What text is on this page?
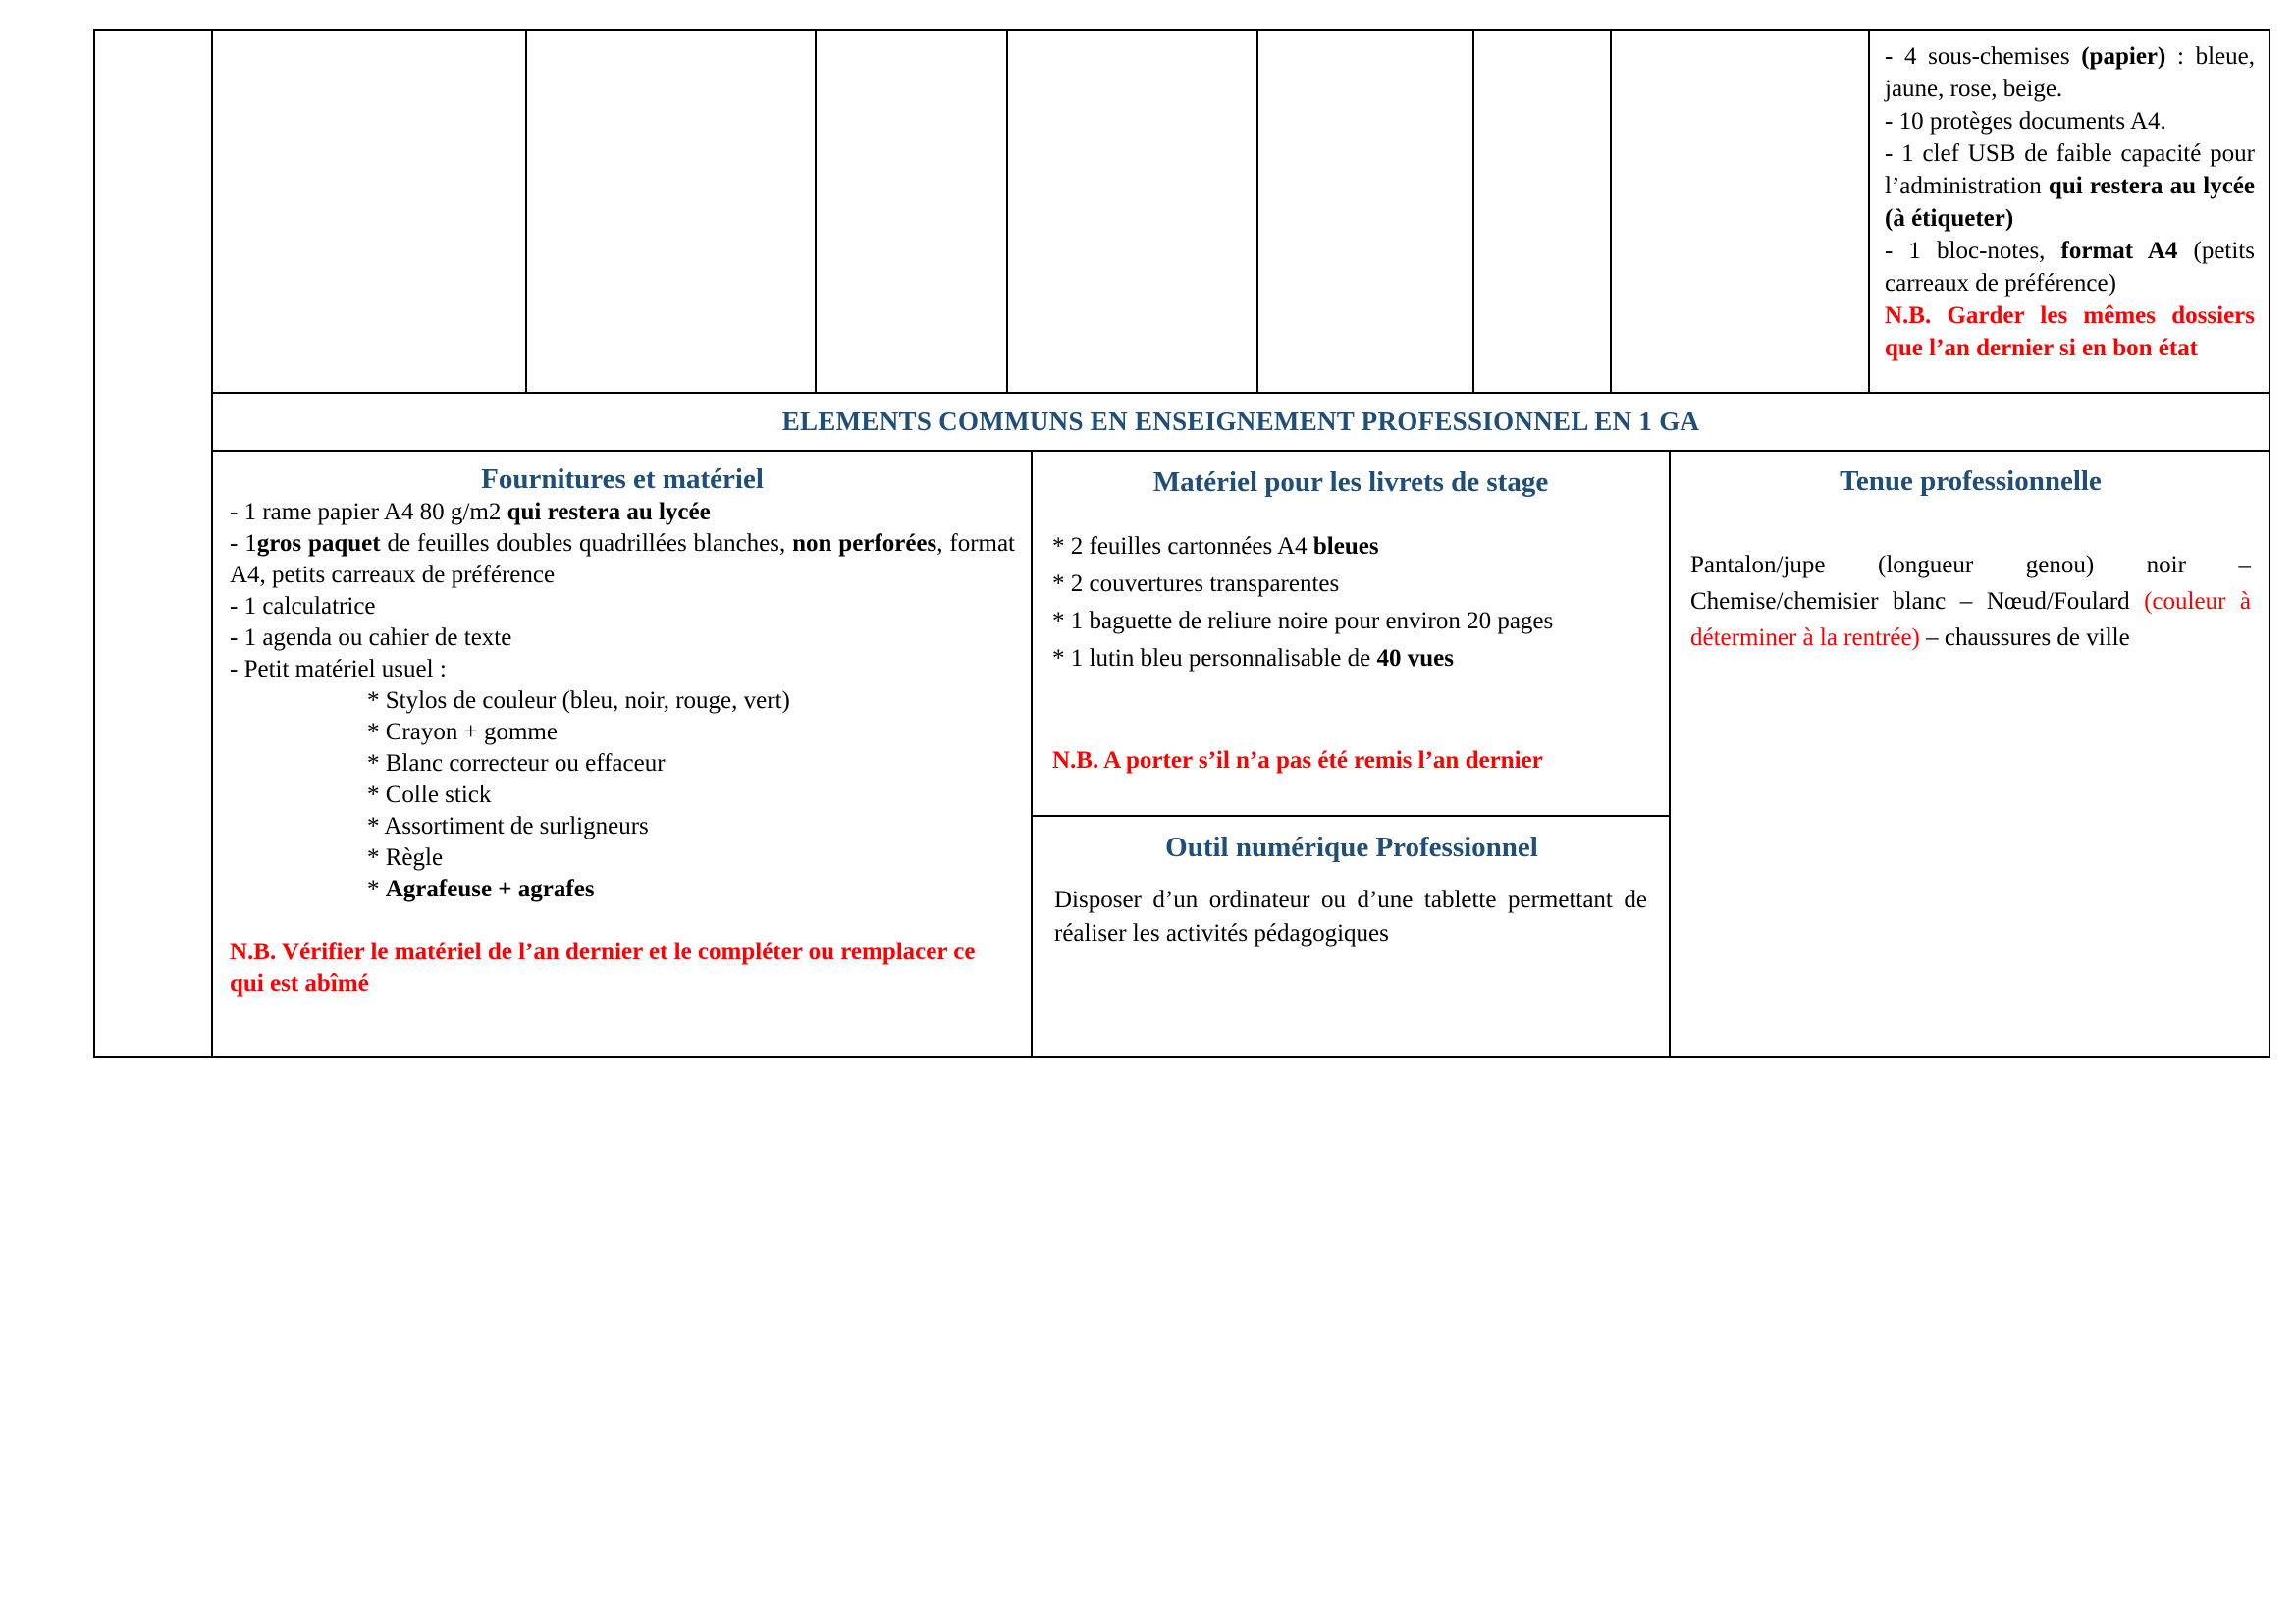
- 4 sous-chemises (papier) : bleue, jaune, rose, beige.
- 10 protèges documents A4.
- 1 clef USB de faible capacité pour l’administration qui restera au lycée (à étiqueter)
- 1 bloc-notes, format A4 (petits carreaux de préférence)
N.B. Garder les mêmes dossiers que l’an dernier si en bon état
ELEMENTS COMMUNS EN ENSEIGNEMENT PROFESSIONNEL EN 1 GA
Fournitures et matériel
- 1 rame papier A4 80 g/m2 qui restera au lycée
- 1gros paquet de feuilles doubles quadrillées blanches, non perforées, format A4, petits carreaux de préférence
- 1 calculatrice
- 1 agenda ou cahier de texte
- Petit matériel usuel :
* Stylos de couleur (bleu, noir, rouge, vert)
* Crayon + gomme
* Blanc correcteur ou effaceur
* Colle stick
* Assortiment de surligneurs
* Règle
* Agrafeuse + agrafes
N.B. Vérifier le matériel de l’an dernier et le compléter ou remplacer ce qui est abîmé
Matériel pour les livrets de stage
* 2 feuilles cartonnées A4 bleues
* 2 couvertures transparentes
* 1 baguette de reliure noire pour environ 20 pages
* 1 lutin bleu personnalisable de 40 vues
N.B. A porter s’il n’a pas été remis l’an dernier
Outil numérique Professionnel
Disposer d’un ordinateur ou d’une tablette permettant de réaliser les activités pédagogiques
Tenue professionnelle
Pantalon/jupe (longueur genou) noir – Chemise/chemisier blanc – Nœud/Foulard (couleur à déterminer à la rentrée) – chaussures de ville
